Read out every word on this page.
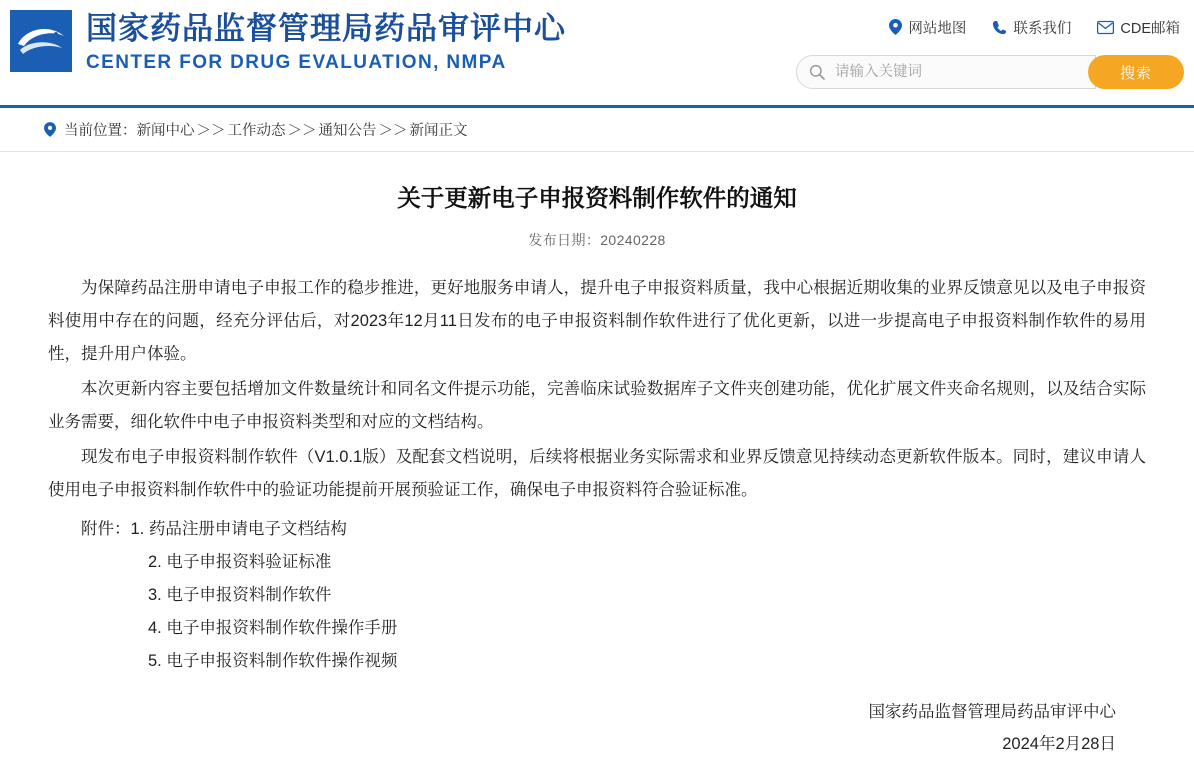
国家药品监督管理局药品审评中心
CENTER FOR DRUG EVALUATION, NMPA
网站地图	联系我们	CDE邮箱
请输入关键词
搜索
当前位置： 新闻中心 ＞＞ 工作动态 ＞＞ 通知公告 ＞＞ 新闻正文
关于更新电子申报资料制作软件的通知
发布日期：20240228

为保障药品注册申请电子申报工作的稳步推进，更好地服务申请人，提升电子申报资料质量，我中心根据近期收集的业界反馈意见以及电子申报资料使用中存在的问题，经充分评估后，对2023年12月11日发布的电子申报资料制作软件进行了优化更新，以进一步提高电子申报资料制作软件的易用性，提升用户体验。

本次更新内容主要包括增加文件数量统计和同名文件提示功能，完善临床试验数据库子文件夹创建功能，优化扩展文件夹命名规则，以及结合实际业务需要，细化软件中电子申报资料类型和对应的文档结构。

现发布电子申报资料制作软件（V1.0.1版）及配套文档说明，后续将根据业务实际需求和业界反馈意见持续动态更新软件版本。同时，建议申请人使用电子申报资料制作软件中的验证功能提前开展预验证工作，确保电子申报资料符合验证标准。

附件：1. 药品注册申请电子文档结构
2. 电子申报资料验证标准
3. 电子申报资料制作软件
4. 电子申报资料制作软件操作手册
5. 电子申报资料制作软件操作视频
国家药品监督管理局药品审评中心
2024年2月28日
